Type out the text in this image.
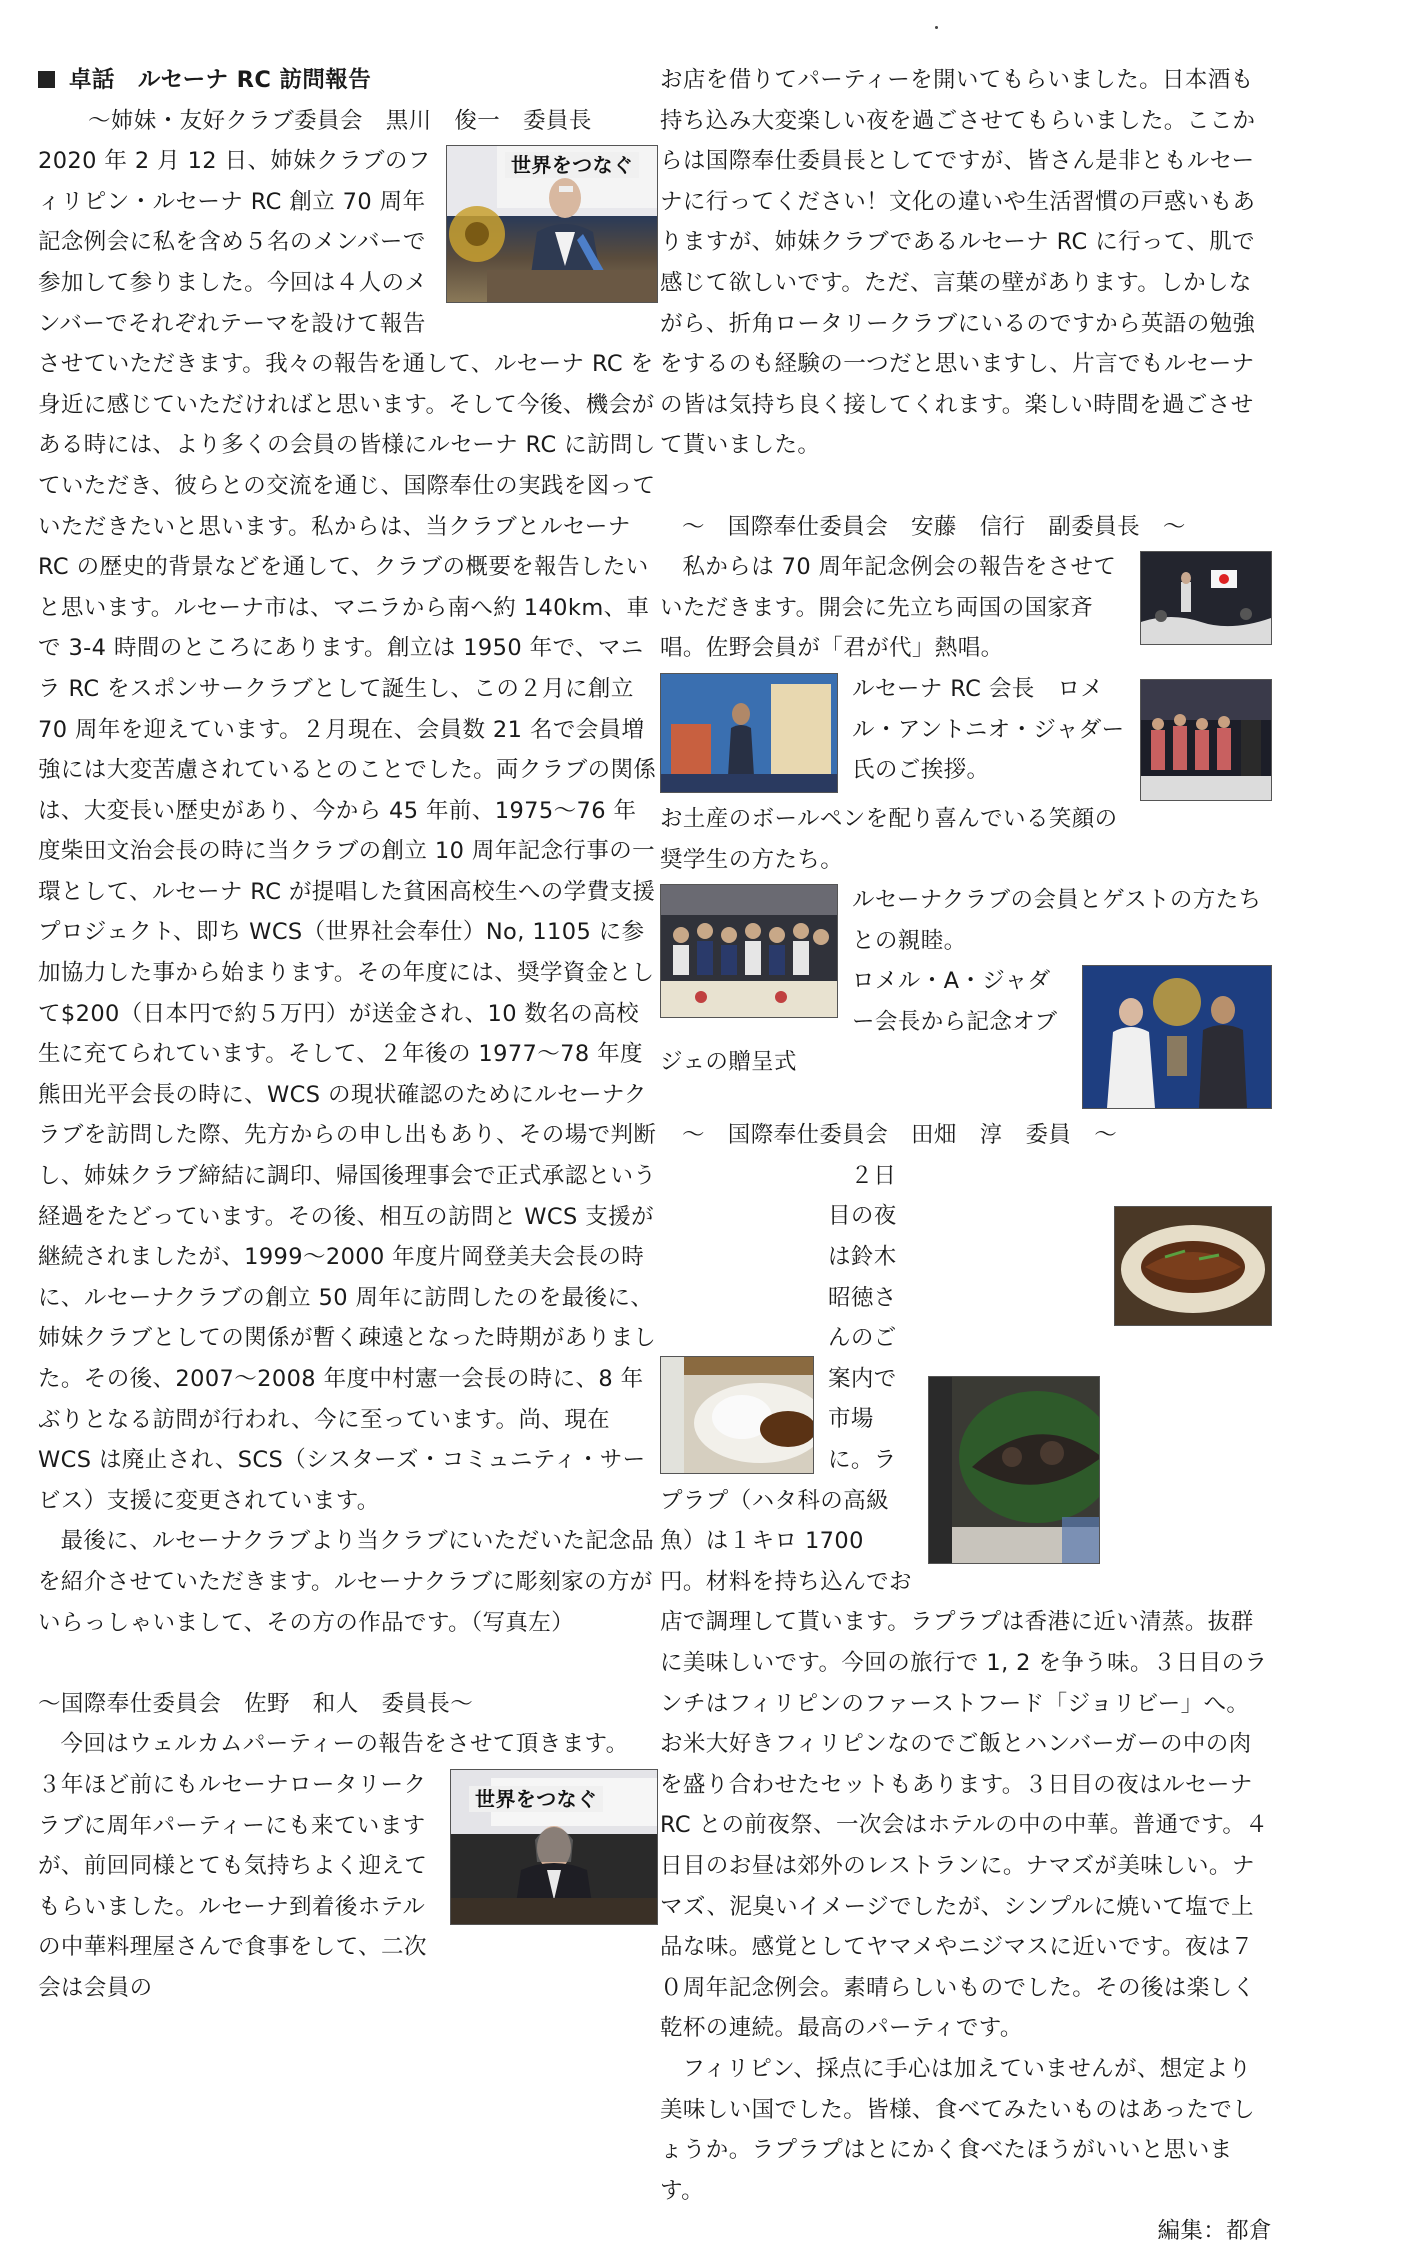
卓話　ルセーナ RC 訪問報告

〜姉妹・友好クラブ委員会　黒川　俊一　委員長

世界をつなぐ

2020 年 2 月 12 日、姉妹クラブのフィリピン・ルセーナ RC 創立 70 周年記念例会に私を含め５名のメンバーで参加して参りました。今回は４人のメンバーでそれぞれテーマを設けて報告させていただきます。我々の報告を通して、ルセーナ RC を身近に感じていただければと思います。そして今後、機会がある時には、より多くの会員の皆様にルセーナ RC に訪問していただき、彼らとの交流を通じ、国際奉仕の実践を図っていただきたいと思います。私からは、当クラブとルセーナ RC の歴史的背景などを通して、クラブの概要を報告したいと思います。ルセーナ市は、マニラから南へ約 140km、車で 3-4 時間のところにあります。創立は 1950 年で、マニラ RC をスポンサークラブとして誕生し、この２月に創立 70 周年を迎えています。２月現在、会員数 21 名で会員増強には大変苦慮されているとのことでした。両クラブの関係は、大変長い歴史があり、今から 45 年前、1975〜76 年度柴田文治会長の時に当クラブの創立 10 周年記念行事の一環として、ルセーナ RC が提唱した貧困高校生への学費支援プロジェクト、即ち WCS（世界社会奉仕）No, 1105 に参加協力した事から始まります。その年度には、奨学資金として$200（日本円で約５万円）が送金され、10 数名の高校生に充てられています。そして、２年後の 1977〜78 年度熊田光平会長の時に、WCS の現状確認のためにルセーナクラブを訪問した際、先方からの申し出もあり、その場で判断し、姉妹クラブ締結に調印、帰国後理事会で正式承認という経過をたどっています。その後、相互の訪問と WCS 支援が継続されましたが、1999〜2000 年度片岡登美夫会長の時に、ルセーナクラブの創立 50 周年に訪問したのを最後に、姉妹クラブとしての関係が暫く疎遠となった時期がありました。その後、2007〜2008 年度中村憲一会長の時に、8 年ぶりとなる訪問が行われ、今に至っています。尚、現在 WCS は廃止され、SCS（シスターズ・コミュニティ・サービス）支援に変更されています。

最後に、ルセーナクラブより当クラブにいただいた記念品を紹介させていただきます。ルセーナクラブに彫刻家の方がいらっしゃいまして、その方の作品です。（写真左）

〜国際奉仕委員会　佐野　和人　委員長〜

今回はウェルカムパーティーの報告をさせて頂きます。

世界をつなぐ

３年ほど前にもルセーナロータリークラブに周年パーティーにも来ていますが、前回同様とても気持ちよく迎えてもらいました。ルセーナ到着後ホテルの中華料理屋さんで食事をして、二次会は会員の

お店を借りてパーティーを開いてもらいました。日本酒も持ち込み大変楽しい夜を過ごさせてもらいました。ここからは国際奉仕委員長としてですが、皆さん是非ともルセーナに行ってください！文化の違いや生活習慣の戸惑いもありますが、姉妹クラブであるルセーナ RC に行って、肌で感じて欲しいです。ただ、言葉の壁があります。しかしながら、折角ロータリークラブにいるのですから英語の勉強をするのも経験の一つだと思いますし、片言でもルセーナの皆は気持ち良く接してくれます。楽しい時間を過ごさせて貰いました。

〜　国際奉仕委員会　安藤　信行　副委員長　〜

私からは 70 周年記念例会の報告をさせていただきます。開会に先立ち両国の国家斉唱。佐野会員が「君が代」熱唱。

ルセーナ RC 会長　ロメル・アントニオ・ジャダー氏のご挨拶。

お土産のボールペンを配り喜んでいる笑顔の奨学生の方たち。

ルセーナクラブの会員とゲストの方たちとの親睦。

ロメル・A・ジャダー会長から記念オブジェの贈呈式

〜　国際奉仕委員会　田畑　淳　委員　〜

２日目の夜は鈴木昭徳さんのご案内で市場に。ラプラプ（ハタ科の高級魚）は１キロ 1700 円。材料を持ち込んでお店で調理して貰います。ラプラプは香港に近い清蒸。抜群に美味しいです。今回の旅行で 1, 2 を争う味。３日目のランチはフィリピンのファーストフード「ジョリビー」へ。お米大好きフィリピンなのでご飯とハンバーガーの中の肉を盛り合わせたセットもあります。３日目の夜はルセーナ RC との前夜祭、一次会はホテルの中の中華。普通です。４日目のお昼は郊外のレストランに。ナマズが美味しい。ナマズ、泥臭いイメージでしたが、シンプルに焼いて塩で上品な味。感覚としてヤマメやニジマスに近いです。夜は７０周年記念例会。素晴らしいものでした。その後は楽しく乾杯の連続。最高のパーティです。

フィリピン、採点に手心は加えていませんが、想定より美味しい国でした。皆様、食べてみたいものはあったでしょうか。ラプラプはとにかく食べたほうがいいと思います。

編集：都倉
